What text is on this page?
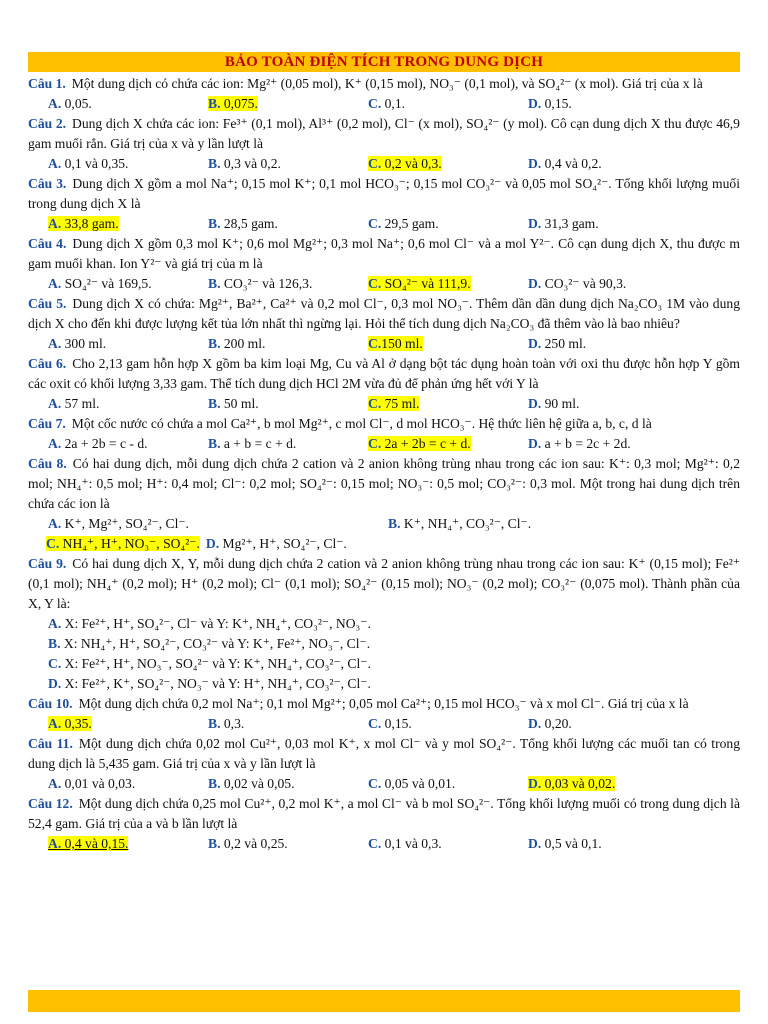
BẢO TOÀN ĐIỆN TÍCH TRONG DUNG DỊCH
Câu 1. Một dung dịch có chứa các ion: Mg²⁺ (0,05 mol), K⁺ (0,15 mol), NO₃⁻ (0,1 mol), và SO₄²⁻ (x mol). Giá trị của x là
A. 0,05.	B. 0,075.	C. 0,1.	D. 0,15.
Câu 2. Dung dịch X chứa các ion: Fe³⁺ (0,1 mol), Al³⁺ (0,2 mol), Cl⁻ (x mol), SO₄²⁻ (y mol). Cô cạn dung dịch X thu được 46,9 gam muối rắn. Giá trị của x và y lần lượt là
A. 0,1 và 0,35.	B. 0,3 và 0,2.	C. 0,2 và 0,3.	D. 0,4 và 0,2.
Câu 3. Dung dịch X gồm a mol Na⁺; 0,15 mol K⁺; 0,1 mol HCO₃⁻; 0,15 mol CO₃²⁻ và 0,05 mol SO₄²⁻. Tổng khối lượng muối trong dung dịch X là
A. 33,8 gam.	B. 28,5 gam.	C. 29,5 gam.	D. 31,3 gam.
Câu 4. Dung dịch X gồm 0,3 mol K⁺; 0,6 mol Mg²⁺; 0,3 mol Na⁺; 0,6 mol Cl⁻ và a mol Y²⁻. Cô cạn dung dịch X, thu được m gam muối khan. Ion Y²⁻ và giá trị của m là
A. SO₄²⁻ và 169,5.	B. CO₃²⁻ và 126,3.	C. SO₄²⁻ và 111,9.	D. CO₃²⁻ và 90,3.
Câu 5. Dung dịch X có chứa: Mg²⁺, Ba²⁺, Ca²⁺ và 0,2 mol Cl⁻, 0,3 mol NO₃⁻. Thêm dần dần dung dịch Na₂CO₃ 1M vào dung dịch X cho đến khi được lượng kết tủa lớn nhất thì ngừng lại. Hỏi thể tích dung dịch Na₂CO₃ đã thêm vào là bao nhiêu?
A. 300 ml.	B. 200 ml.	C.150 ml.	D. 250 ml.
Câu 6. Cho 2,13 gam hỗn hợp X gồm ba kim loại Mg, Cu và Al ở dạng bột tác dụng hoàn toàn với oxi thu được hỗn hợp Y gồm các oxit có khối lượng 3,33 gam. Thể tích dung dịch HCl 2M vừa đủ để phản ứng hết với Y là
A. 57 ml.	B. 50 ml.	C. 75 ml.	D. 90 ml.
Câu 7. Một cốc nước có chứa a mol Ca²⁺, b mol Mg²⁺, c mol Cl⁻, d mol HCO₃⁻. Hệ thức liên hệ giữa a, b, c, d là
A. 2a + 2b = c - d.	B. a + b = c + d.	C. 2a + 2b = c + d.	D. a + b = 2c + 2d.
Câu 8. Có hai dung dịch, mỗi dung dịch chứa 2 cation và 2 anion không trùng nhau trong các ion sau: K⁺: 0,3 mol; Mg²⁺: 0,2 mol; NH₄⁺: 0,5 mol; H⁺: 0,4 mol; Cl⁻: 0,2 mol; SO₄²⁻: 0,15 mol; NO₃⁻: 0,5 mol; CO₃²⁻: 0,3 mol. Một trong hai dung dịch trên chứa các ion là
A. K⁺, Mg²⁺, SO₄²⁻, Cl⁻.	B. K⁺, NH₄⁺, CO₃²⁻, Cl⁻.
C. NH₄⁺, H⁺, NO₃⁻, SO₄²⁻. D. Mg²⁺, H⁺, SO₄²⁻, Cl⁻.
Câu 9. Có hai dung dịch X, Y, mỗi dung dịch chứa 2 cation và 2 anion không trùng nhau trong các ion sau: K⁺ (0,15 mol); Fe²⁺ (0,1 mol); NH₄⁺ (0,2 mol); H⁺ (0,2 mol); Cl⁻ (0,1 mol); SO₄²⁻ (0,15 mol); NO₃⁻ (0,2 mol); CO₃²⁻ (0,075 mol). Thành phần của X, Y là:
A. X: Fe²⁺, H⁺, SO₄²⁻, Cl⁻ và Y: K⁺, NH₄⁺, CO₃²⁻, NO₃⁻.
B. X: NH₄⁺, H⁺, SO₄²⁻, CO₃²⁻ và Y: K⁺, Fe²⁺, NO₃⁻, Cl⁻.
C. X: Fe²⁺, H⁺, NO₃⁻, SO₄²⁻ và Y: K⁺, NH₄⁺, CO₃²⁻, Cl⁻.
D. X: Fe²⁺, K⁺, SO₄²⁻, NO₃⁻ và Y: H⁺, NH₄⁺, CO₃²⁻, Cl⁻.
Câu 10. Một dung dịch chứa 0,2 mol Na⁺; 0,1 mol Mg²⁺; 0,05 mol Ca²⁺; 0,15 mol HCO₃⁻ và x mol Cl⁻. Giá trị của x là
A. 0,35.	B. 0,3.	C. 0,15.	D. 0,20.
Câu 11. Một dung dịch chứa 0,02 mol Cu²⁺, 0,03 mol K⁺, x mol Cl⁻ và y mol SO₄²⁻. Tổng khối lượng các muối tan có trong dung dịch là 5,435 gam. Giá trị của x và y lần lượt là
A. 0,01 và 0,03.	B. 0,02 và 0,05.	C. 0,05 và 0,01.	D. 0,03 và 0,02.
Câu 12. Một dung dịch chứa 0,25 mol Cu²⁺, 0,2 mol K⁺, a mol Cl⁻ và b mol SO₄²⁻. Tổng khối lượng muối có trong dung dịch là 52,4 gam. Giá trị của a và b lần lượt là
A. 0,4 và 0,15.	B. 0,2 và 0,25.	C. 0,1 và 0,3.	D. 0,5 và 0,1.
